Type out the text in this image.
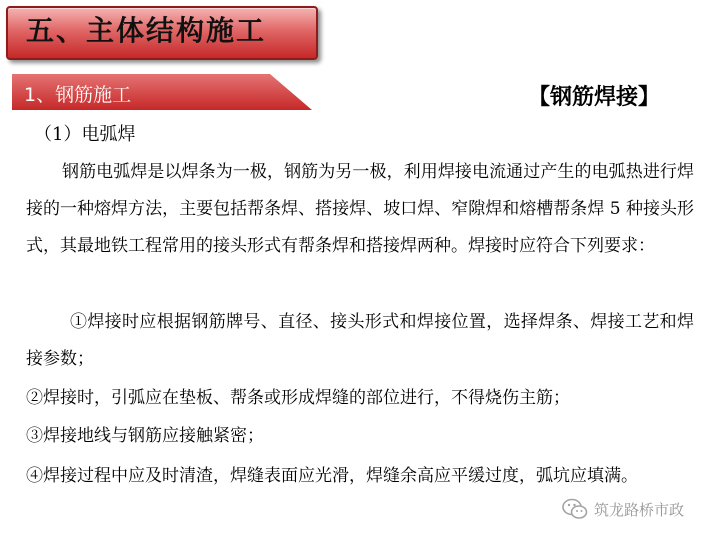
五、主体结构施工
1、钢筋施工	【钢筋焊接】
（1）电弧焊
钢筋电弧焊是以焊条为一极，钢筋为另一极，利用焊接电流通过产生的电弧热进行焊接的一种熔焊方法，主要包括帮条焊、搭接焊、坡口焊、窄隙焊和熔槽帮条焊 5 种接头形式，其最地铁工程常用的接头形式有帮条焊和搭接焊两种。焊接时应符合下列要求：
①焊接时应根据钢筋牌号、直径、接头形式和焊接位置，选择焊条、焊接工艺和焊接参数；
②焊接时，引弧应在垫板、帮条或形成焊缝的部位进行，不得烧伤主筋；
③焊接地线与钢筋应接触紧密；
④焊接过程中应及时清渣，焊缝表面应光滑，焊缝余高应平缓过度，弧坑应填满。
筑龙路桥市政
